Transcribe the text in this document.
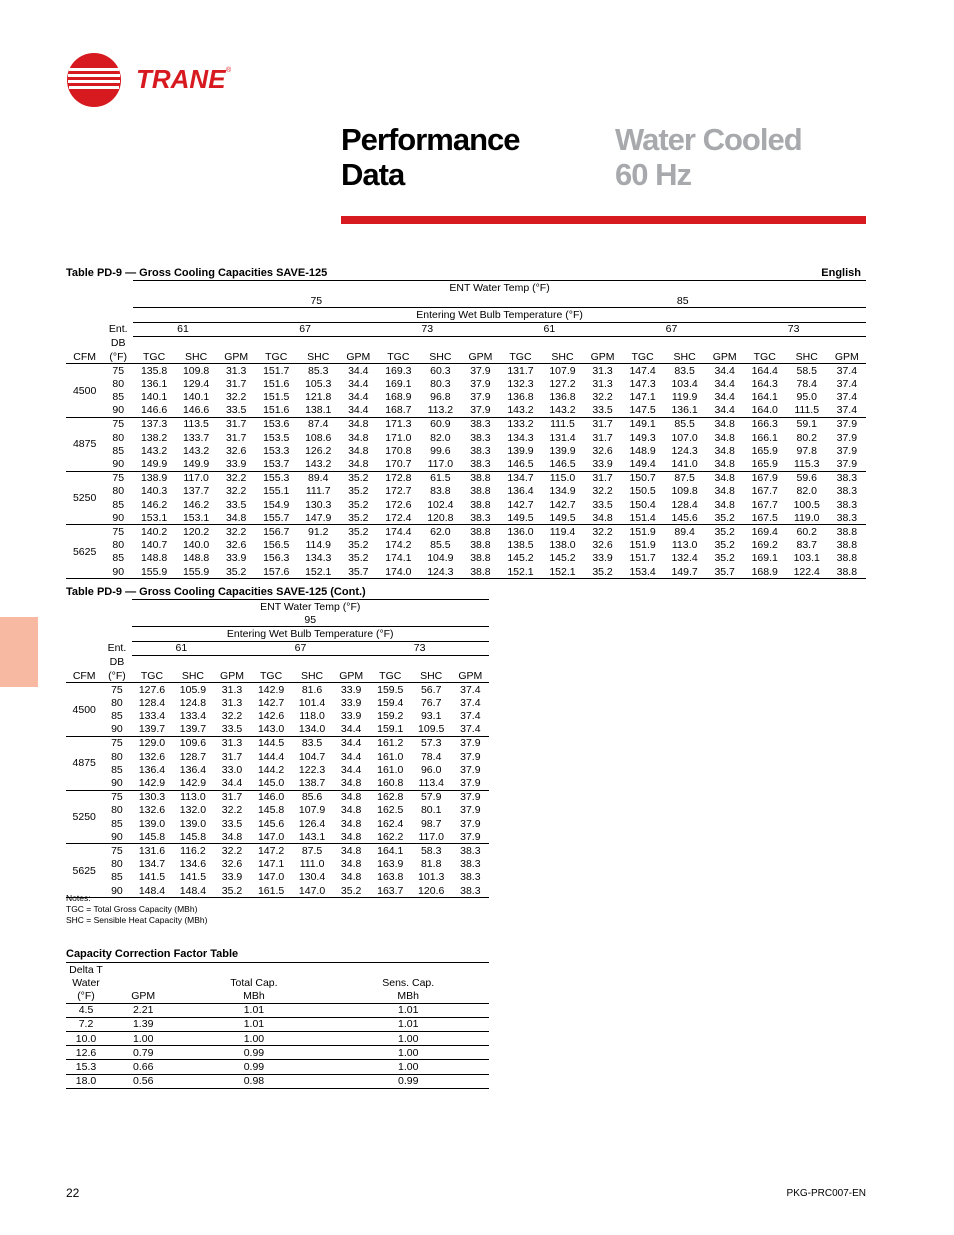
TRANE ®
Performance
Data
Water Cooled
60 Hz
Table PD-9 — Gross Cooling Capacities SAVE-125	English
		ENT Water Temp (°F)																	
		75									85								
		Entering Wet Bulb Temperature (°F)																	
	Ent.	61			67			73			61			67			73		
	DB																		
CFM	(°F)	TGC	SHC	GPM	TGC	SHC	GPM	TGC	SHC	GPM	TGC	SHC	GPM	TGC	SHC	GPM	TGC	SHC	GPM
4500	75	135.8	109.8	31.3	151.7	85.3	34.4	169.3	60.3	37.9	131.7	107.9	31.3	147.4	83.5	34.4	164.4	58.5	37.4
	80	136.1	129.4	31.7	151.6	105.3	34.4	169.1	80.3	37.9	132.3	127.2	31.3	147.3	103.4	34.4	164.3	78.4	37.4
	85	140.1	140.1	32.2	151.5	121.8	34.4	168.9	96.8	37.9	136.8	136.8	32.2	147.1	119.9	34.4	164.1	95.0	37.4
	90	146.6	146.6	33.5	151.6	138.1	34.4	168.7	113.2	37.9	143.2	143.2	33.5	147.5	136.1	34.4	164.0	111.5	37.4
4875	75	137.3	113.5	31.7	153.6	87.4	34.8	171.3	60.9	38.3	133.2	111.5	31.7	149.1	85.5	34.8	166.3	59.1	37.9
	80	138.2	133.7	31.7	153.5	108.6	34.8	171.0	82.0	38.3	134.3	131.4	31.7	149.3	107.0	34.8	166.1	80.2	37.9
	85	143.2	143.2	32.6	153.3	126.2	34.8	170.8	99.6	38.3	139.9	139.9	32.6	148.9	124.3	34.8	165.9	97.8	37.9
	90	149.9	149.9	33.9	153.7	143.2	34.8	170.7	117.0	38.3	146.5	146.5	33.9	149.4	141.0	34.8	165.9	115.3	37.9
5250	75	138.9	117.0	32.2	155.3	89.4	35.2	172.8	61.5	38.8	134.7	115.0	31.7	150.7	87.5	34.8	167.9	59.6	38.3
	80	140.3	137.7	32.2	155.1	111.7	35.2	172.7	83.8	38.8	136.4	134.9	32.2	150.5	109.8	34.8	167.7	82.0	38.3
	85	146.2	146.2	33.5	154.9	130.3	35.2	172.6	102.4	38.8	142.7	142.7	33.5	150.4	128.4	34.8	167.7	100.5	38.3
	90	153.1	153.1	34.8	155.7	147.9	35.2	172.4	120.8	38.3	149.5	149.5	34.8	151.4	145.6	35.2	167.5	119.0	38.3
5625	75	140.2	120.2	32.2	156.7	91.2	35.2	174.4	62.0	38.8	136.0	119.4	32.2	151.9	89.4	35.2	169.4	60.2	38.8
	80	140.7	140.0	32.6	156.5	114.9	35.2	174.2	85.5	38.8	138.5	138.0	32.6	151.9	113.0	35.2	169.2	83.7	38.8
	85	148.8	148.8	33.9	156.3	134.3	35.2	174.1	104.9	38.8	145.2	145.2	33.9	151.7	132.4	35.2	169.1	103.1	38.8
	90	155.9	155.9	35.2	157.6	152.1	35.7	174.0	124.3	38.8	152.1	152.1	35.2	153.4	149.7	35.7	168.9	122.4	38.8
Table PD-9 — Gross Cooling Capacities SAVE-125 (Cont.)
		ENT Water Temp (°F)								
		95								
		Entering Wet Bulb Temperature (°F)								
	Ent.	61			67			73		
	DB									
CFM	(°F)	TGC	SHC	GPM	TGC	SHC	GPM	TGC	SHC	GPM
4500	75	127.6	105.9	31.3	142.9	81.6	33.9	159.5	56.7	37.4
	80	128.4	124.8	31.3	142.7	101.4	33.9	159.4	76.7	37.4
	85	133.4	133.4	32.2	142.6	118.0	33.9	159.2	93.1	37.4
	90	139.7	139.7	33.5	143.0	134.0	34.4	159.1	109.5	37.4
4875	75	129.0	109.6	31.3	144.5	83.5	34.4	161.2	57.3	37.9
	80	132.6	128.7	31.7	144.4	104.7	34.4	161.0	78.4	37.9
	85	136.4	136.4	33.0	144.2	122.3	34.4	161.0	96.0	37.9
	90	142.9	142.9	34.4	145.0	138.7	34.8	160.8	113.4	37.9
5250	75	130.3	113.0	31.7	146.0	85.6	34.8	162.8	57.9	37.9
	80	132.6	132.0	32.2	145.8	107.9	34.8	162.5	80.1	37.9
	85	139.0	139.0	33.5	145.6	126.4	34.8	162.4	98.7	37.9
	90	145.8	145.8	34.8	147.0	143.1	34.8	162.2	117.0	37.9
5625	75	131.6	116.2	32.2	147.2	87.5	34.8	164.1	58.3	38.3
	80	134.7	134.6	32.6	147.1	111.0	34.8	163.9	81.8	38.3
	85	141.5	141.5	33.9	147.0	130.4	34.8	163.8	101.3	38.3
	90	148.4	148.4	35.2	161.5	147.0	35.2	163.7	120.6	38.3
Notes:
TGC = Total Gross Capacity (MBh)
SHC = Sensible Heat Capacity (MBh)
Capacity Correction Factor Table
Delta T			
Water		Total Cap.	Sens. Cap.
(°F)	GPM	MBh	MBh
4.5	2.21	1.01	1.01
7.2	1.39	1.01	1.01
10.0	1.00	1.00	1.00
12.6	0.79	0.99	1.00
15.3	0.66	0.99	1.00
18.0	0.56	0.98	0.99
22	PKG-PRC007-EN
